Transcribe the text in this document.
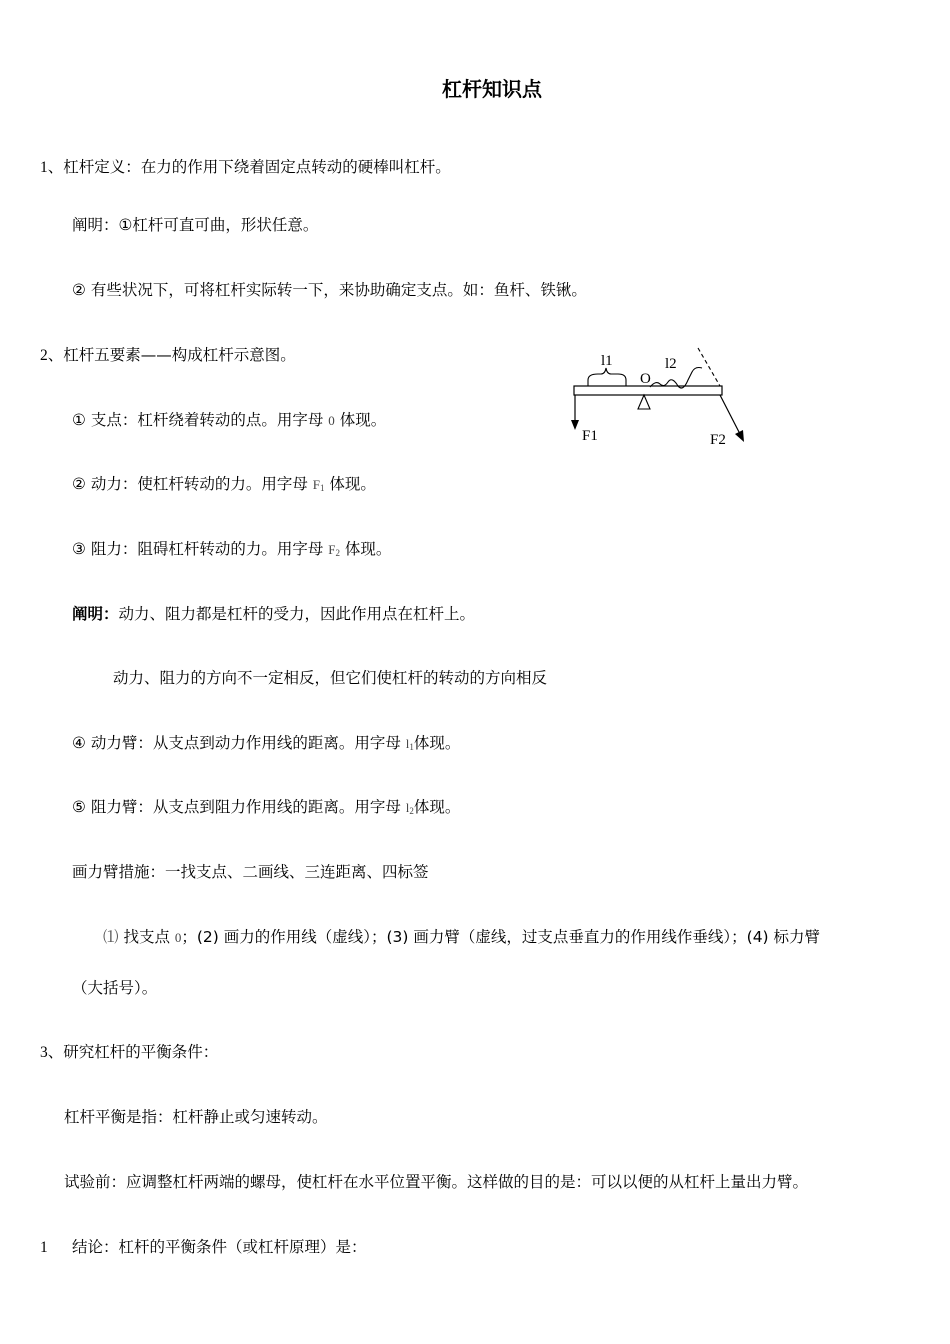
杠杆知识点
1、杠杆定义：在力的作用下绕着固定点转动的硬棒叫杠杆。
阐明：①杠杆可直可曲，形状任意。
② 有些状况下，可将杠杆实际转一下，来协助确定支点。如：鱼杆、铁锹。
2、杠杆五要素——构成杠杆示意图。
① 支点：杠杆绕着转动的点。用字母 0 体现。
② 动力：使杠杆转动的力。用字母 $F_1$ 体现。
③ 阻力：阻碍杠杆转动的力。用字母 $F_2$ 体现。
阐明：动力、阻力都是杠杆的受力，因此作用点在杠杆上。
动力、阻力的方向不一定相反，但它们使杠杆的转动的方向相反
④ 动力臂：从支点到动力作用线的距离。用字母 $l_1$体现。
⑤ 阻力臂：从支点到阻力作用线的距离。用字母 $l_2$体现。
画力臂措施：一找支点、二画线、三连距离、四标签
⑴ 找支点 0；(2) 画力的作用线（虚线）；(3) 画力臂（虚线，过支点垂直力的作用线作垂线）；(4) 标力臂
（大括号）。
l1
O
l2
F1	F2
3、研究杠杆的平衡条件：
杠杆平衡是指：杠杆静止或匀速转动。
试验前：应调整杠杆两端的螺母，使杠杆在水平位置平衡。这样做的目的是：可以以便的从杠杆上量出力臂。
1 结论：杠杆的平衡条件（或杠杆原理）是：
